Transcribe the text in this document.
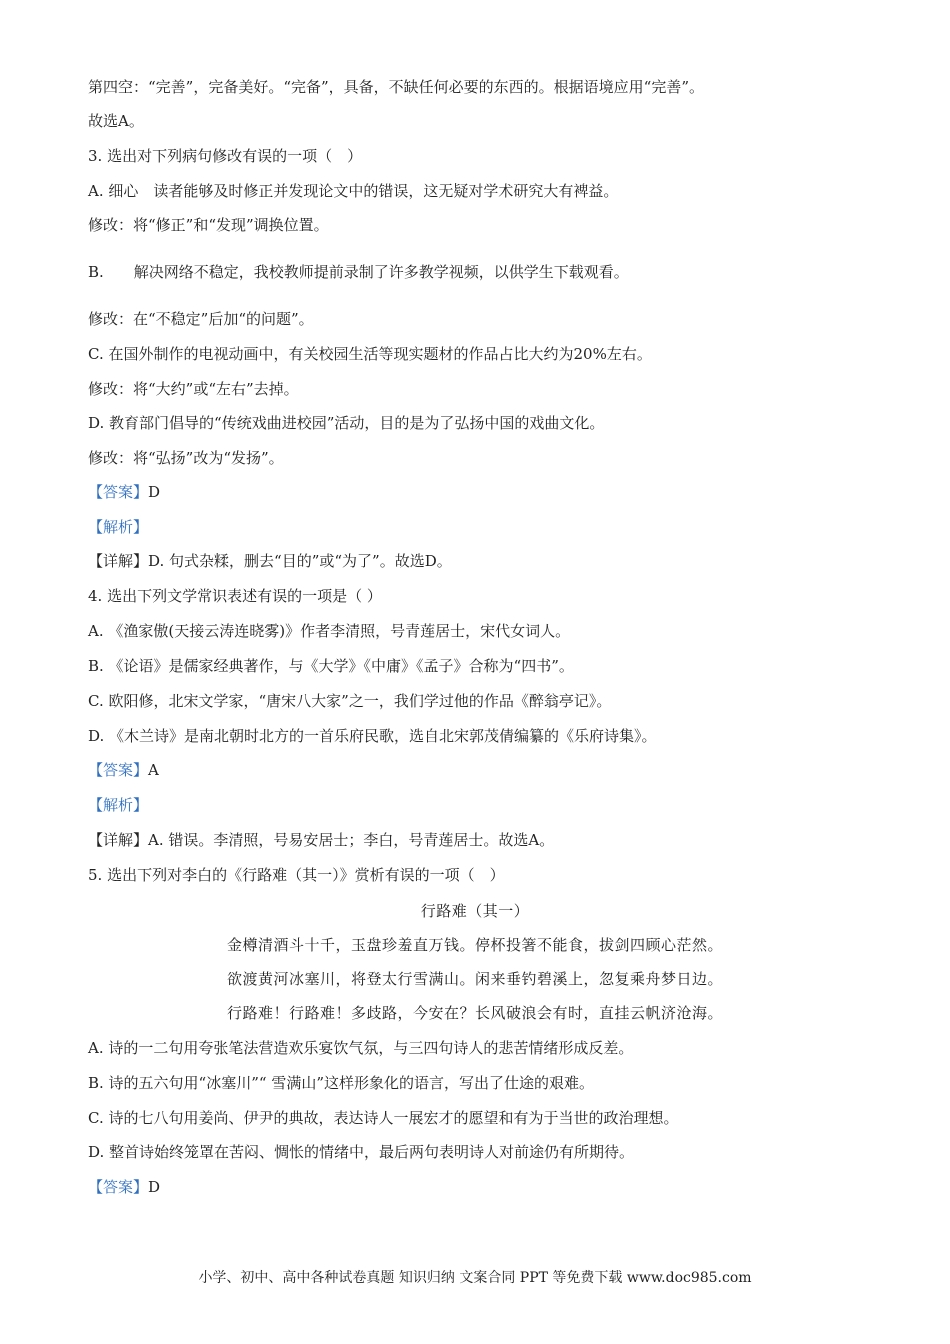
第四空：“完善”，完备美好。“完备”，具备，不缺任何必要的东西的。根据语境应用“完善”。
故选A。
3. 选出对下列病句修改有误的一项（　）
A. 细心　读者能够及时修正并发现论文中的错误，这无疑对学术研究大有裨益。
修改：将“修正”和“发现”调换位置。
B.　　解决网络不稳定，我校教师提前录制了许多教学视频，以供学生下载观看。
修改：在“不稳定”后加“的问题”。
C. 在国外制作的电视动画中，有关校园生活等现实题材的作品占比大约为20%左右。
修改：将“大约”或“左右”去掉。
D. 教育部门倡导的“传统戏曲进校园”活动，目的是为了弘扬中国的戏曲文化。
修改：将“弘扬”改为“发扬”。
【答案】D
【解析】
【详解】D. 句式杂糅，删去“目的”或“为了”。故选D。
4. 选出下列文学常识表述有误的一项是（ ）
A. 《渔家傲(天接云涛连晓雾)》作者李清照，号青莲居士，宋代女词人。
B. 《论语》是儒家经典著作，与《大学》《中庸》《孟子》合称为“四书”。
C. 欧阳修，北宋文学家，“唐宋八大家”之一，我们学过他的作品《醉翁亭记》。
D. 《木兰诗》是南北朝时北方的一首乐府民歌，选自北宋郭茂倩编纂的《乐府诗集》。
【答案】A
【解析】
【详解】A. 错误。李清照，号易安居士；李白，号青莲居士。故选A。
5. 选出下列对李白的《行路难（其一）》赏析有误的一项（　）
行路难（其一）
金樽清酒斗十千，玉盘珍羞直万钱。停杯投箸不能食，拔剑四顾心茫然。
欲渡黄河冰塞川，将登太行雪满山。闲来垂钓碧溪上，忽复乘舟梦日边。
行路难！行路难！多歧路，今安在？长风破浪会有时，直挂云帆济沧海。
A. 诗的一二句用夸张笔法营造欢乐宴饮气氛，与三四句诗人的悲苦情绪形成反差。
B. 诗的五六句用“冰塞川”“ 雪满山”这样形象化的语言，写出了仕途的艰难。
C. 诗的七八句用姜尚、伊尹的典故，表达诗人一展宏才的愿望和有为于当世的政治理想。
D. 整首诗始终笼罩在苦闷、惆怅的情绪中，最后两句表明诗人对前途仍有所期待。
【答案】D
小学、初中、高中各种试卷真题 知识归纳 文案合同 PPT 等免费下载 www.doc985.com
